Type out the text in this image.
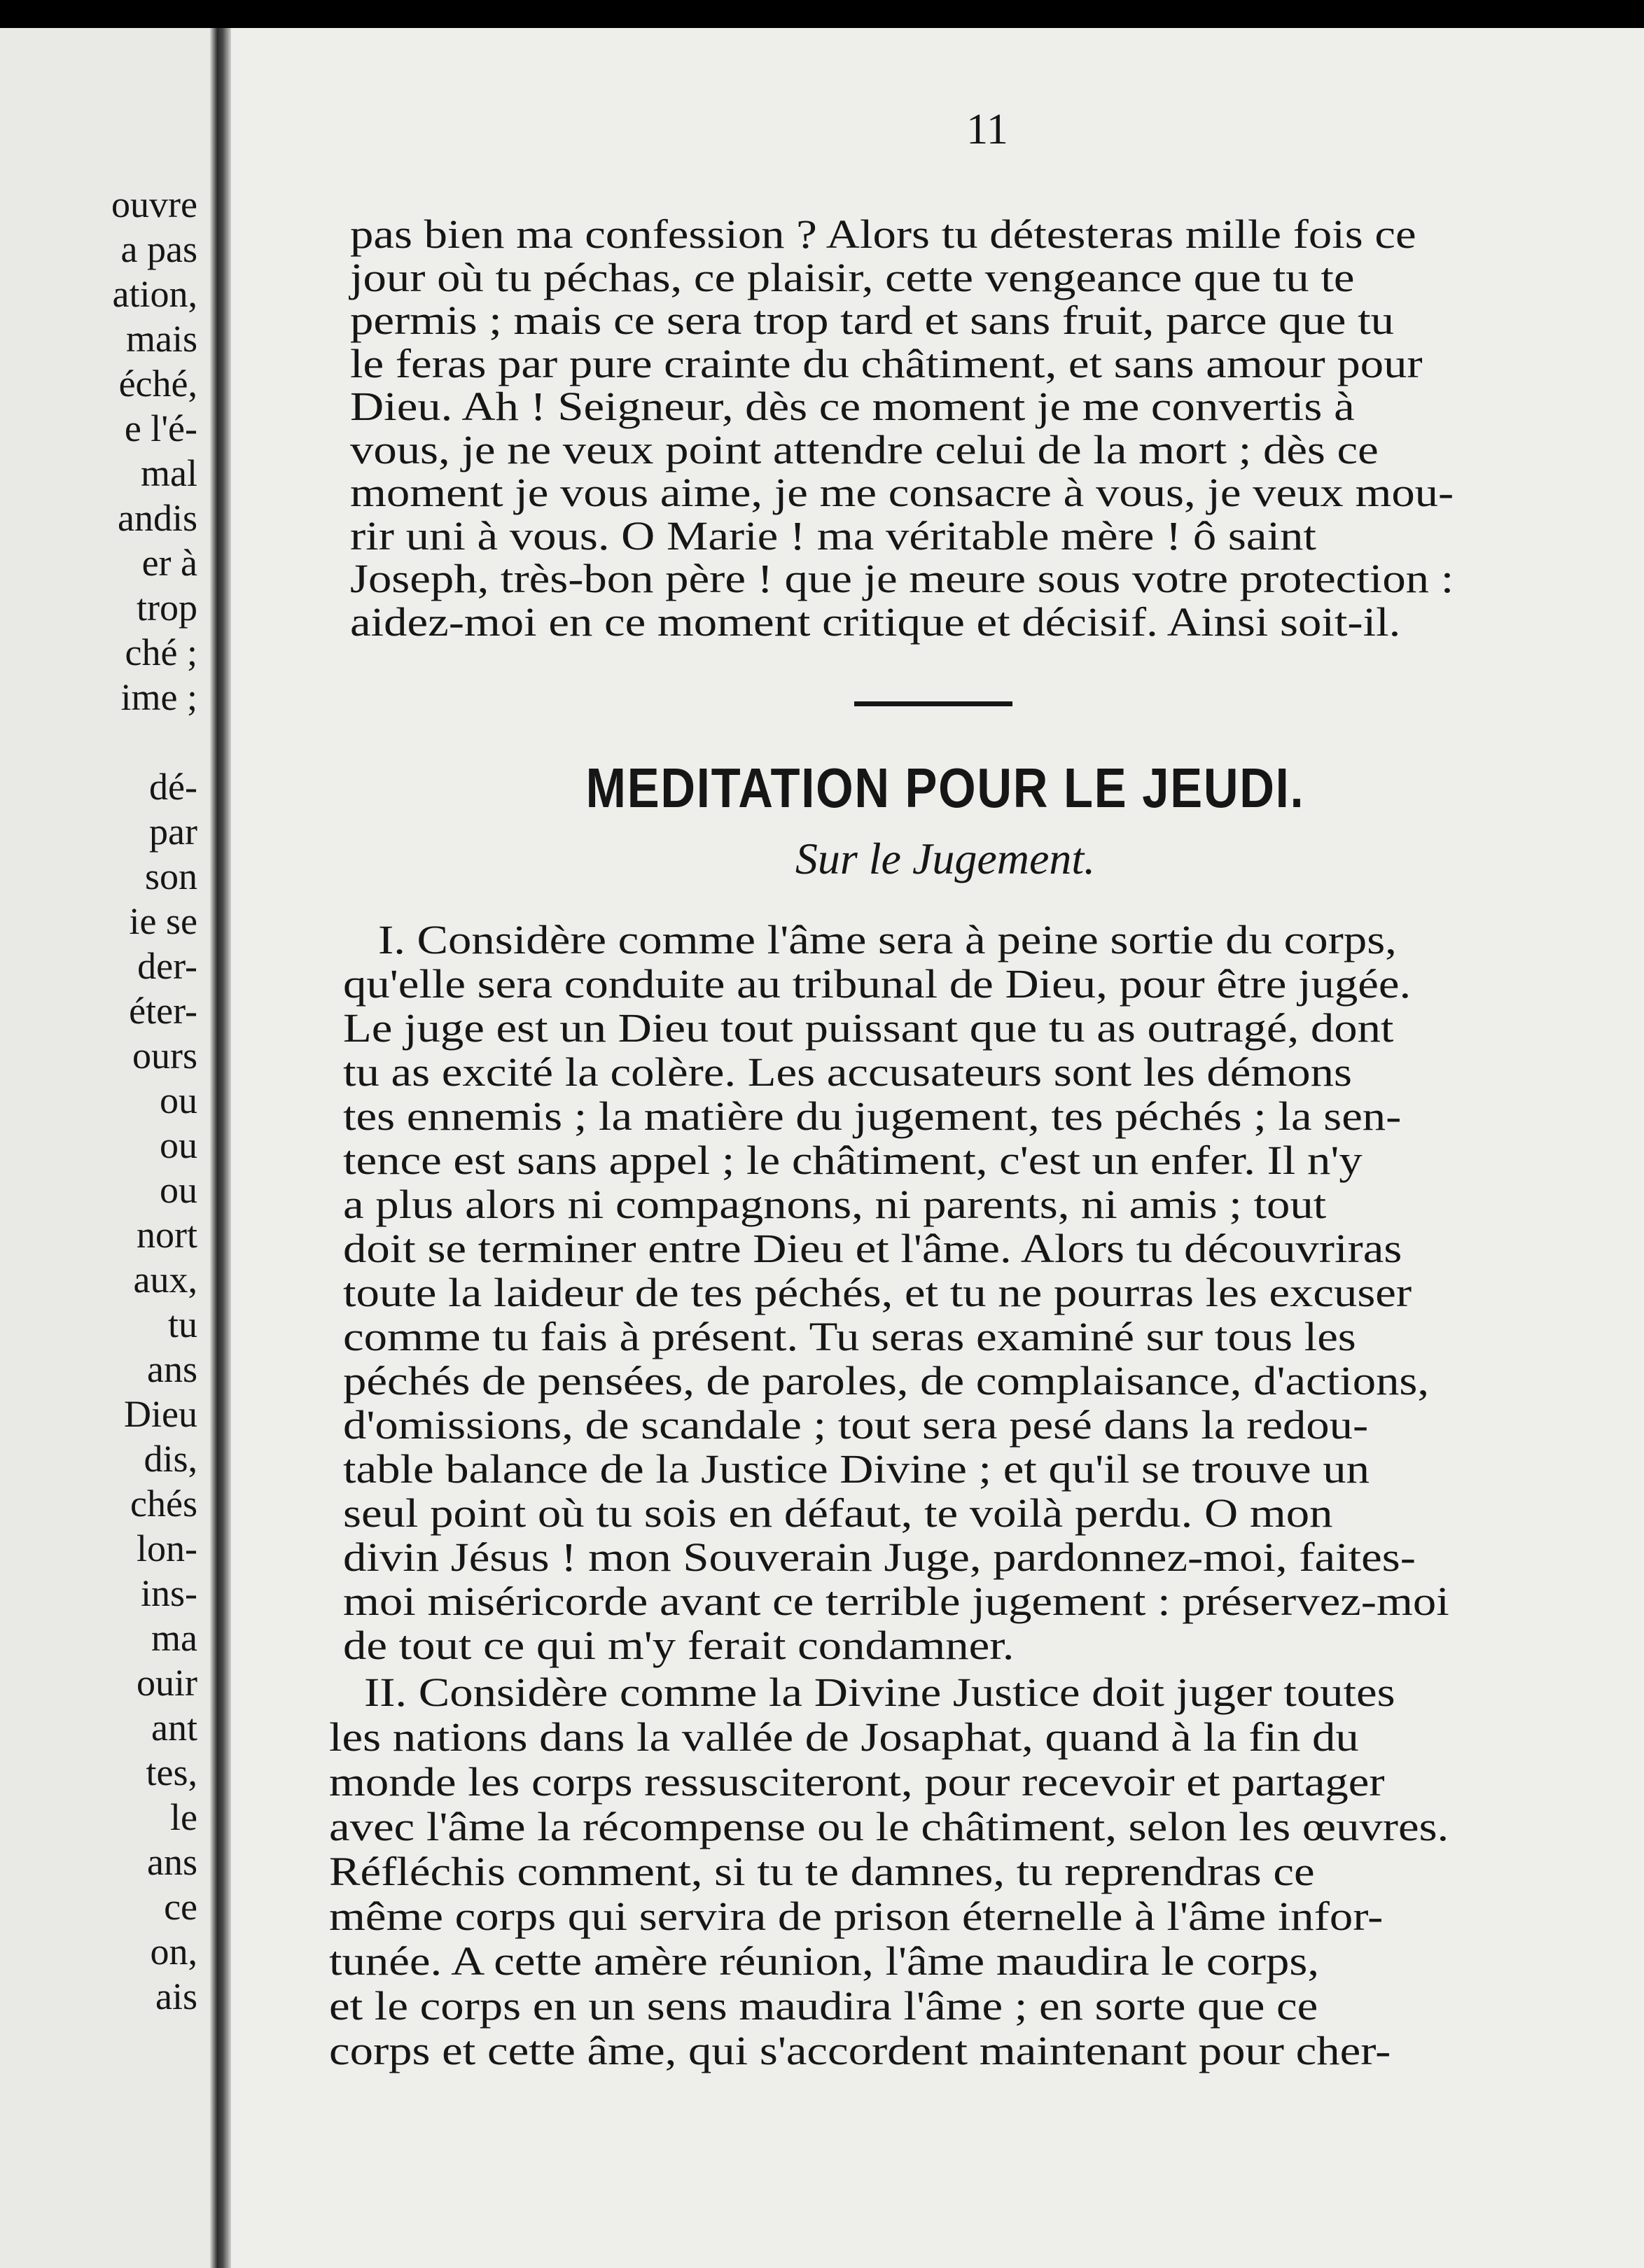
ouvre
a pas
ation,
mais
éché,
e l'é-
mal
andis
er à
trop
ché ;
ime ;
dé-
par
son
ie se
der-
éter-
ours
ou
ou
ou
nort
aux,
tu
ans
Dieu
dis,
chés
lon-
ins-
ma
ouir
ant
tes,
le
ans
ce
on,
ais
11
pas bien ma confession ? Alors tu détesteras mille fois ce
jour où tu péchas, ce plaisir, cette vengeance que tu te
permis ; mais ce sera trop tard et sans fruit, parce que tu
le feras par pure crainte du châtiment, et sans amour pour
Dieu. Ah ! Seigneur, dès ce moment je me convertis à
vous, je ne veux point attendre celui de la mort ; dès ce
moment je vous aime, je me consacre à vous, je veux mou-
rir uni à vous. O Marie ! ma véritable mère ! ô saint
Joseph, très-bon père ! que je meure sous votre protection :
aidez-moi en ce moment critique et décisif. Ainsi soit-il.
MEDITATION POUR LE JEUDI.
Sur le Jugement.
I. Considère comme l'âme sera à peine sortie du corps,
qu'elle sera conduite au tribunal de Dieu, pour être jugée.
Le juge est un Dieu tout puissant que tu as outragé, dont
tu as excité la colère. Les accusateurs sont les démons
tes ennemis ; la matière du jugement, tes péchés ; la sen-
tence est sans appel ; le châtiment, c'est un enfer. Il n'y
a plus alors ni compagnons, ni parents, ni amis ; tout
doit se terminer entre Dieu et l'âme. Alors tu découvriras
toute la laideur de tes péchés, et tu ne pourras les excuser
comme tu fais à présent. Tu seras examiné sur tous les
péchés de pensées, de paroles, de complaisance, d'actions,
d'omissions, de scandale ; tout sera pesé dans la redou-
table balance de la Justice Divine ; et qu'il se trouve un
seul point où tu sois en défaut, te voilà perdu. O mon
divin Jésus ! mon Souverain Juge, pardonnez-moi, faites-
moi miséricorde avant ce terrible jugement : préservez-moi
de tout ce qui m'y ferait condamner.
II. Considère comme la Divine Justice doit juger toutes
les nations dans la vallée de Josaphat, quand à la fin du
monde les corps ressusciteront, pour recevoir et partager
avec l'âme la récompense ou le châtiment, selon les œuvres.
Réfléchis comment, si tu te damnes, tu reprendras ce
même corps qui servira de prison éternelle à l'âme infor-
tunée. A cette amère réunion, l'âme maudira le corps,
et le corps en un sens maudira l'âme ; en sorte que ce
corps et cette âme, qui s'accordent maintenant pour cher-
